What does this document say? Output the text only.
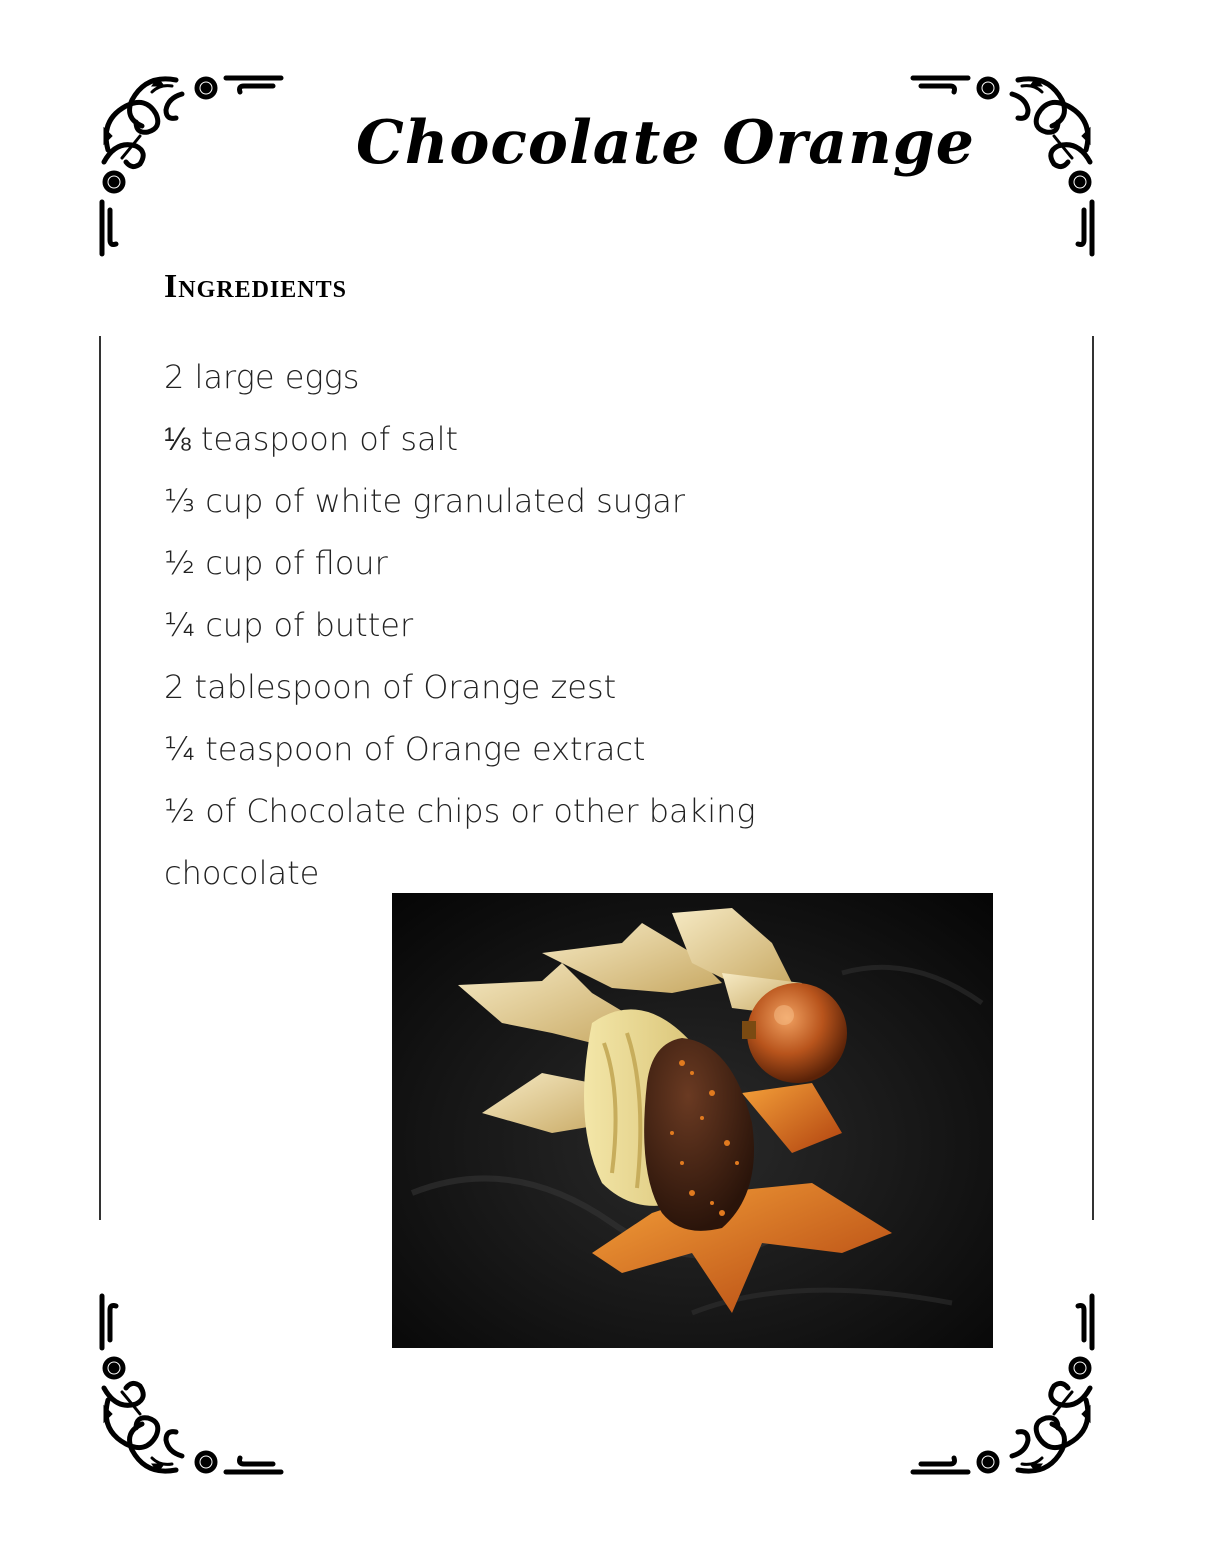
Chocolate Orange
Ingredients
2 large eggs
⅛ teaspoon of salt
⅓ cup of white granulated sugar
½ cup of flour
¼ cup of butter
2 tablespoon of Orange zest
¼ teaspoon of Orange extract
½ of Chocolate chips or other baking chocolate
